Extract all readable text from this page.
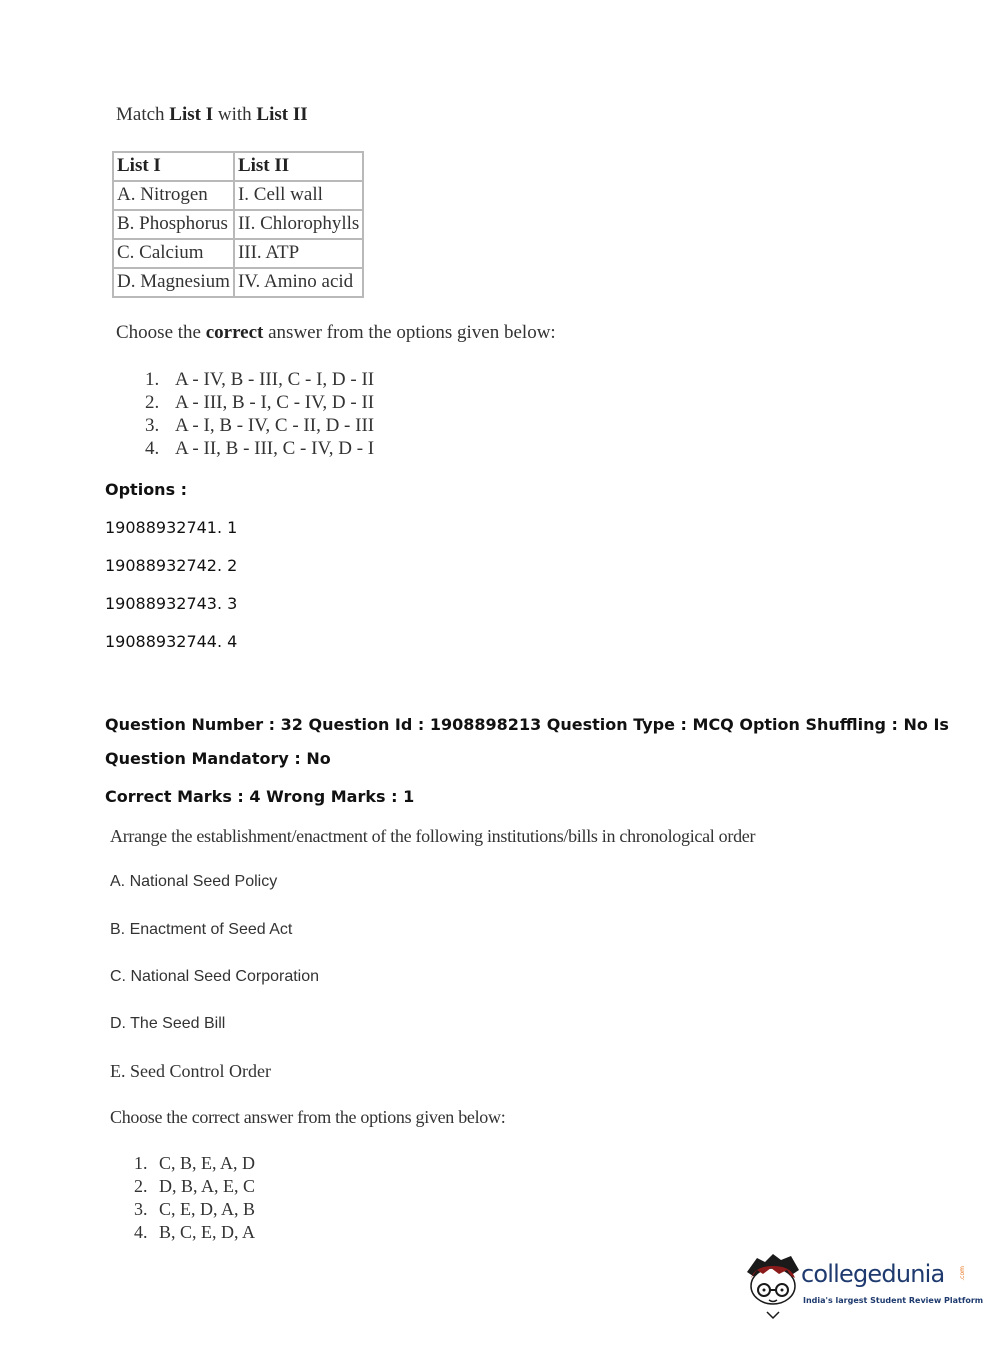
Match List I with List II
List I	List II
A. Nitrogen	I. Cell wall
B. Phosphorus	II. Chlorophylls
C. Calcium	III. ATP
D. Magnesium	IV. Amino acid
Choose the correct answer from the options given below:
1. A - IV, B - III, C - I, D - II
2. A - III, B - I, C - IV, D - II
3. A - I, B - IV, C - II, D - III
4. A - II, B - III, C - IV, D - I
Options :
19088932741. 1
19088932742. 2
19088932743. 3
19088932744. 4
Question Number : 32 Question Id : 1908898213 Question Type : MCQ Option Shuffling : No Is
Question Mandatory : No
Correct Marks : 4 Wrong Marks : 1
Arrange the establishment/enactment of the following institutions/bills in chronological order
A. National Seed Policy
B. Enactment of Seed Act
C. National Seed Corporation
D. The Seed Bill
E. Seed Control Order
Choose the correct answer from the options given below:
1. C, B, E, A, D
2. D, B, A, E, C
3. C, E, D, A, B
4. B, C, E, D, A
collegedunia .com
India's largest Student Review Platform
